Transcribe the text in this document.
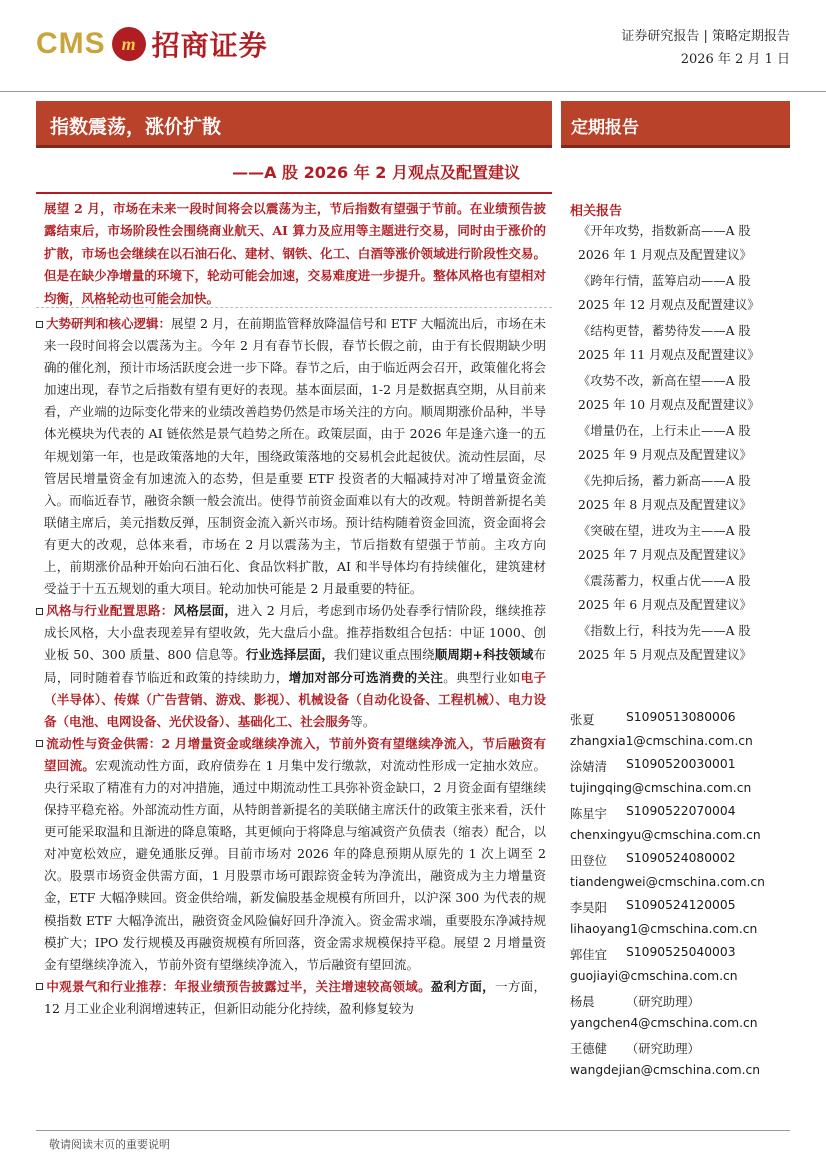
CMS m 招商证券	证券研究报告 | 策略定期报告
2026 年 2 月 1 日
指数震荡，涨价扩散	定期报告
——A 股 2026 年 2 月观点及配置建议

展望 2 月，市场在未来一段时间将会以震荡为主，节后指数有望强于节前。在业绩预告披露结束后，市场阶段性会围绕商业航天、AI 算力及应用等主题进行交易，同时由于涨价的扩散，市场也会继续在以石油石化、建材、钢铁、化工、白酒等涨价领域进行阶段性交易。但是在缺少净增量的环境下，轮动可能会加速，交易难度进一步提升。整体风格也有望相对均衡，风格轮动也可能会加快。

大势研判和核心逻辑：展望 2 月，在前期监管释放降温信号和 ETF 大幅流出后，市场在未来一段时间将会以震荡为主。今年 2 月有春节长假，春节长假之前，由于有长假期缺少明确的催化剂，预计市场活跃度会进一步下降。春节之后，由于临近两会召开，政策催化将会加速出现，春节之后指数有望有更好的表现。基本面层面，1-2 月是数据真空期，从目前来看，产业端的边际变化带来的业绩改善趋势仍然是市场关注的方向。顺周期涨价品种，半导体光模块为代表的 AI 链依然是景气趋势之所在。政策层面，由于 2026 年是逢六逢一的五年规划第一年，也是政策落地的大年，围绕政策落地的交易机会此起彼伏。流动性层面，尽管居民增量资金有加速流入的态势，但是重要 ETF 投资者的大幅减持对冲了增量资金流入。而临近春节，融资余额一般会流出。使得节前资金面难以有大的改观。特朗普新提名美联储主席后，美元指数反弹，压制资金流入新兴市场。预计结构随着资金回流，资金面将会有更大的改观，总体来看，市场在 2 月以震荡为主，节后指数有望强于节前。主攻方向上，前期涨价品种开始向石油石化、食品饮料扩散，AI 和半导体均有持续催化，建筑建材受益于十五五规划的重大项目。轮动加快可能是 2 月最重要的特征。

风格与行业配置思路：风格层面，进入 2 月后，考虑到市场仍处春季行情阶段，继续推荐成长风格，大小盘表现差异有望收敛，先大盘后小盘。推荐指数组合包括：中证 1000、创业板 50、300 质量、800 信息等。行业选择层面，我们建议重点围绕顺周期+科技领域布局，同时随着春节临近和政策的持续助力，增加对部分可选消费的关注。典型行业如电子（半导体）、传媒（广告营销、游戏、影视）、机械设备（自动化设备、工程机械）、电力设备（电池、电网设备、光伏设备）、基础化工、社会服务等。

流动性与资金供需：2 月增量资金或继续净流入，节前外资有望继续净流入，节后融资有望回流。宏观流动性方面，政府债券在 1 月集中发行缴款，对流动性形成一定抽水效应。央行采取了精准有力的对冲措施，通过中期流动性工具弥补资金缺口，2 月资金面有望继续保持平稳充裕。外部流动性方面，从特朗普新提名的美联储主席沃什的政策主张来看，沃什更可能采取温和且渐进的降息策略，其更倾向于将降息与缩减资产负债表（缩表）配合，以对冲宽松效应，避免通胀反弹。目前市场对 2026 年的降息预期从原先的 1 次上调至 2 次。股票市场资金供需方面，1 月股票市场可跟踪资金转为净流出，融资成为主力增量资金，ETF 大幅净赎回。资金供给端，新发偏股基金规模有所回升，以沪深 300 为代表的规模指数 ETF 大幅净流出，融资资金风险偏好回升净流入。资金需求端，重要股东净减持规模扩大；IPO 发行规模及再融资规模有所回落，资金需求规模保持平稳。展望 2 月增量资金有望继续净流入，节前外资有望继续净流入，节后融资有望回流。

中观景气和行业推荐：年报业绩预告披露过半，关注增速较高领域。盈利方面，一方面，12 月工业企业利润增速转正，但新旧动能分化持续，盈利修复较为

相关报告
《开年攻势，指数新高——A 股 2026 年 1 月观点及配置建议》
《跨年行情，蓝筹启动——A 股 2025 年 12 月观点及配置建议》
《结构更替，蓄势待发——A 股 2025 年 11 月观点及配置建议》
《攻势不改，新高在望——A 股 2025 年 10 月观点及配置建议》
《增量仍在，上行未止——A 股 2025 年 9 月观点及配置建议》
《先抑后扬，蓄力新高——A 股 2025 年 8 月观点及配置建议》
《突破在望，进攻为主——A 股 2025 年 7 月观点及配置建议》
《震荡蓄力，权重占优——A 股 2025 年 6 月观点及配置建议》
《指数上行，科技为先——A 股 2025 年 5 月观点及配置建议》
张夏	S1090513080006
zhangxia1@cmschina.com.cn
涂婧清 S1090520030001
tujingqing@cmschina.com.cn
陈星宇 S1090522070004
chenxingyu@cmschina.com.cn
田登位 S1090524080002
tiandengwei@cmschina.com.cn
李昊阳 S1090524120005
lihaoyang1@cmschina.com.cn
郭佳宜 S1090525040003
guojiayi@cmschina.com.cn
杨晨	（研究助理）
yangchen4@cmschina.com.cn
王德健 （研究助理）
wangdejian@cmschina.com.cn
敬请阅读末页的重要说明
